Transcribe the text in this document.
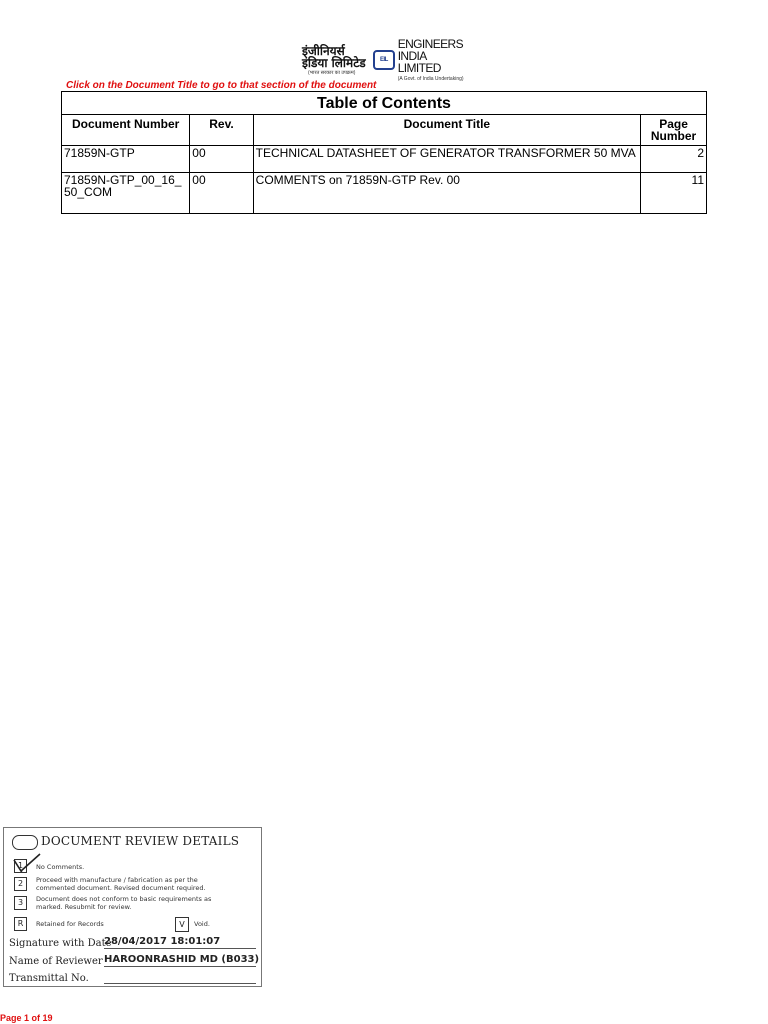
इंजीनियर्स
इंडिया लिमिटेड
(भारत सरकार का उपक्रम)
EIL
ENGINEERS
INDIA LIMITED
(A Govt. of India Undertaking)
Click on the Document Title to go to that section of the document
Table of Contents
Document Number	Rev.	Document Title	Page Number
71859N-GTP	00	TECHNICAL DATASHEET OF GENERATOR TRANSFORMER 50 MVA	2
71859N-GTP_00_16_50_COM	00	COMMENTS on 71859N-GTP Rev. 00	11
DOCUMENT REVIEW DETAILS
1	No Comments.
2	Proceed with manufacture / fabrication as per the commented document. Revised document required.
3	Document does not conform to basic requirements as marked. Resubmit for review.
R	Retained for Records	V	Void.
Signature with Date
28/04/2017 18:01:07
Name of Reviewer HAROONRASHID MD (B033)
Transmittal No.
Page 1 of 19
